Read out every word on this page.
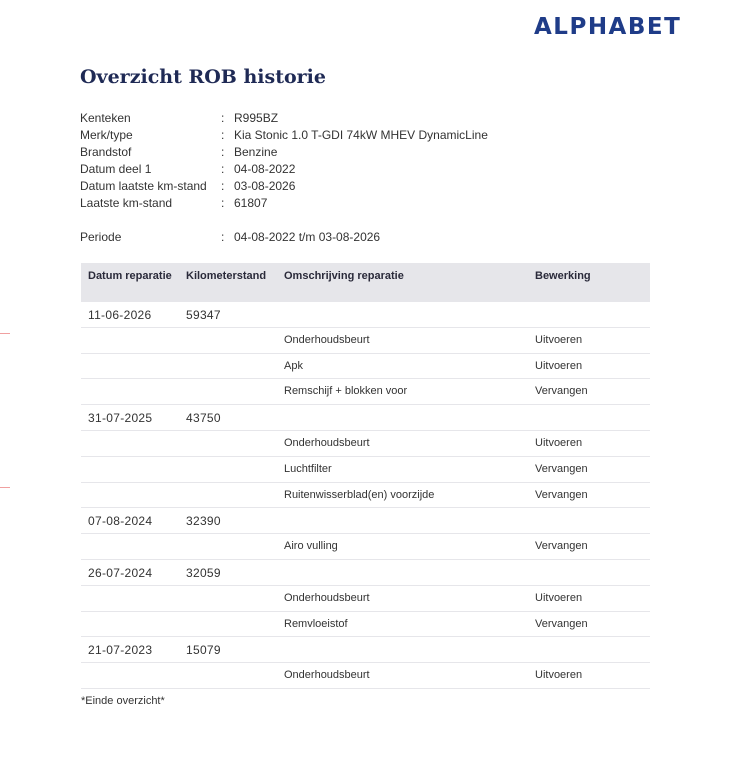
ALPHABET
Overzicht ROB historie
Kenteken	: R995BZ
Merk/type	: Kia Stonic 1.0 T-GDI 74kW MHEV DynamicLine
Brandstof	: Benzine
Datum deel 1	: 04-08-2022
Datum laatste km-stand : 03-08-2026
Laatste km-stand	: 61807
Periode	: 04-08-2022 t/m 03-08-2026
Datum reparatie	Kilometerstand Omschrijving reparatie	Bewerking
11-06-2026	59347
Onderhoudsbeurt	Uitvoeren
Apk	Uitvoeren
Remschijf + blokken voor	Vervangen
31-07-2025	43750
Onderhoudsbeurt	Uitvoeren
Luchtfilter	Vervangen
Ruitenwisserblad(en) voorzijde	Vervangen
07-08-2024	32390
Airo vulling	Vervangen
26-07-2024	32059
Onderhoudsbeurt	Uitvoeren
Remvloeistof	Vervangen
21-07-2023	15079
Onderhoudsbeurt	Uitvoeren
*Einde overzicht*
